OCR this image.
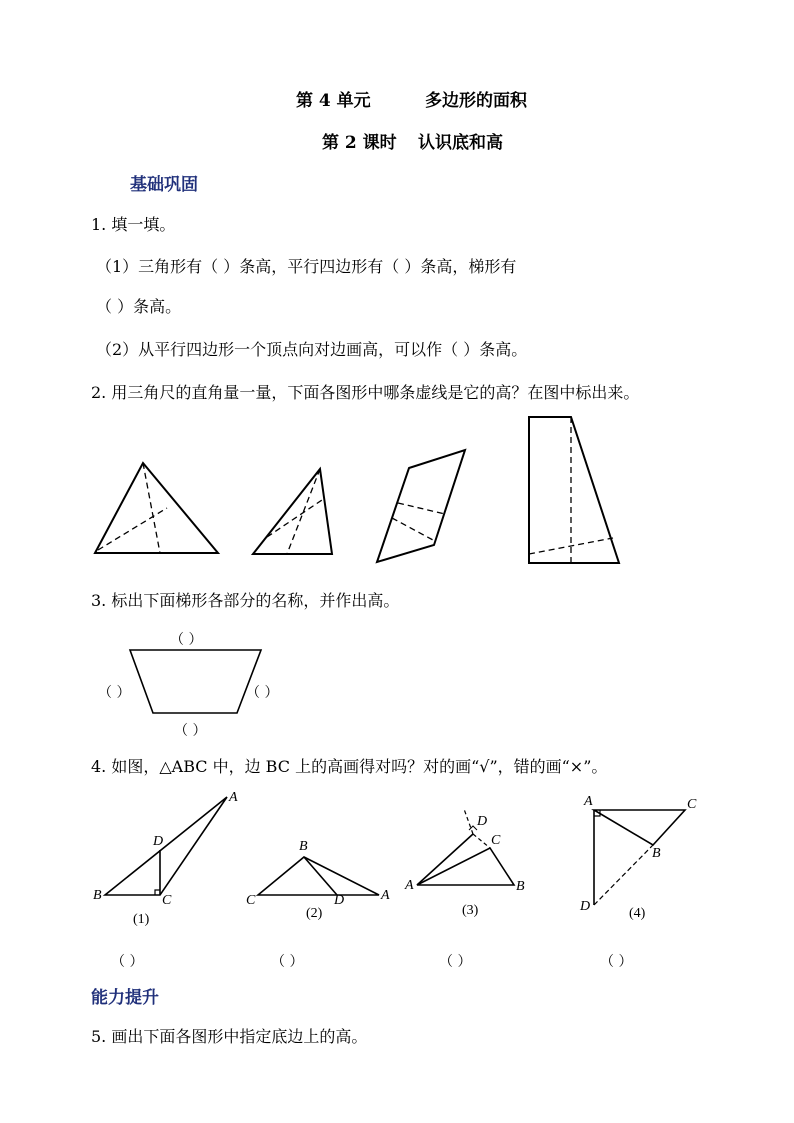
第 4 单元	多边形的面积
第 2 课时 认识底和高
基础巩固
1. 填一填。
（1）三角形有（ ）条高，平行四边形有（ ）条高，梯形有
（ ）条高。
（2）从平行四边形一个顶点向对边画高，可以作（ ）条高。
2. 用三角尺的直角量一量，下面各图形中哪条虚线是它的高？在图中标出来。
3. 标出下面梯形各部分的名称，并作出高。
（ ）
（ ）	（ ）
（ ）
4. 如图，△ABC 中，边 BC 上的高画得对吗？对的画“√”，错的画“×”。
A
B	C
D
(1)
（ ）
A
B
C	D
(2)
（ ）
A	B
C
D
(3)
（ ）
A
B
C
D	(4)
（ ）
能力提升
5. 画出下面各图形中指定底边上的高。
